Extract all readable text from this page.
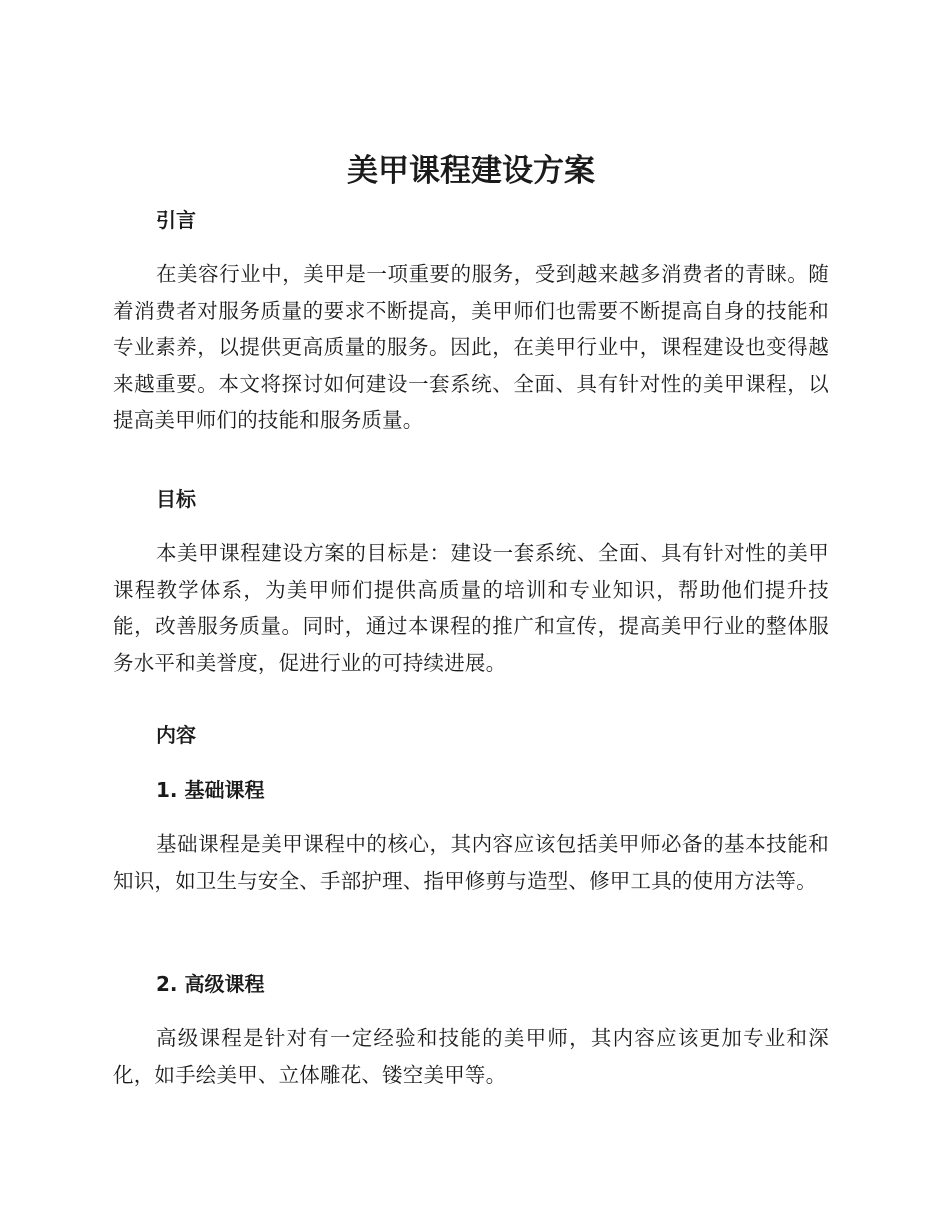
美甲课程建设方案
引言

在美容行业中，美甲是一项重要的服务，受到越来越多消费者的青睐。随着消费者对服务质量的要求不断提高，美甲师们也需要不断提高自身的技能和专业素养，以提供更高质量的服务。因此，在美甲行业中，课程建设也变得越来越重要。本文将探讨如何建设一套系统、全面、具有针对性的美甲课程，以提高美甲师们的技能和服务质量。

目标

本美甲课程建设方案的目标是：建设一套系统、全面、具有针对性的美甲课程教学体系，为美甲师们提供高质量的培训和专业知识，帮助他们提升技能，改善服务质量。同时，通过本课程的推广和宣传，提高美甲行业的整体服务水平和美誉度，促进行业的可持续进展。

内容
1. 基础课程

基础课程是美甲课程中的核心，其内容应该包括美甲师必备的基本技能和知识，如卫生与安全、手部护理、指甲修剪与造型、修甲工具的使用方法等。

2. 高级课程

高级课程是针对有一定经验和技能的美甲师，其内容应该更加专业和深化，如手绘美甲、立体雕花、镂空美甲等。
